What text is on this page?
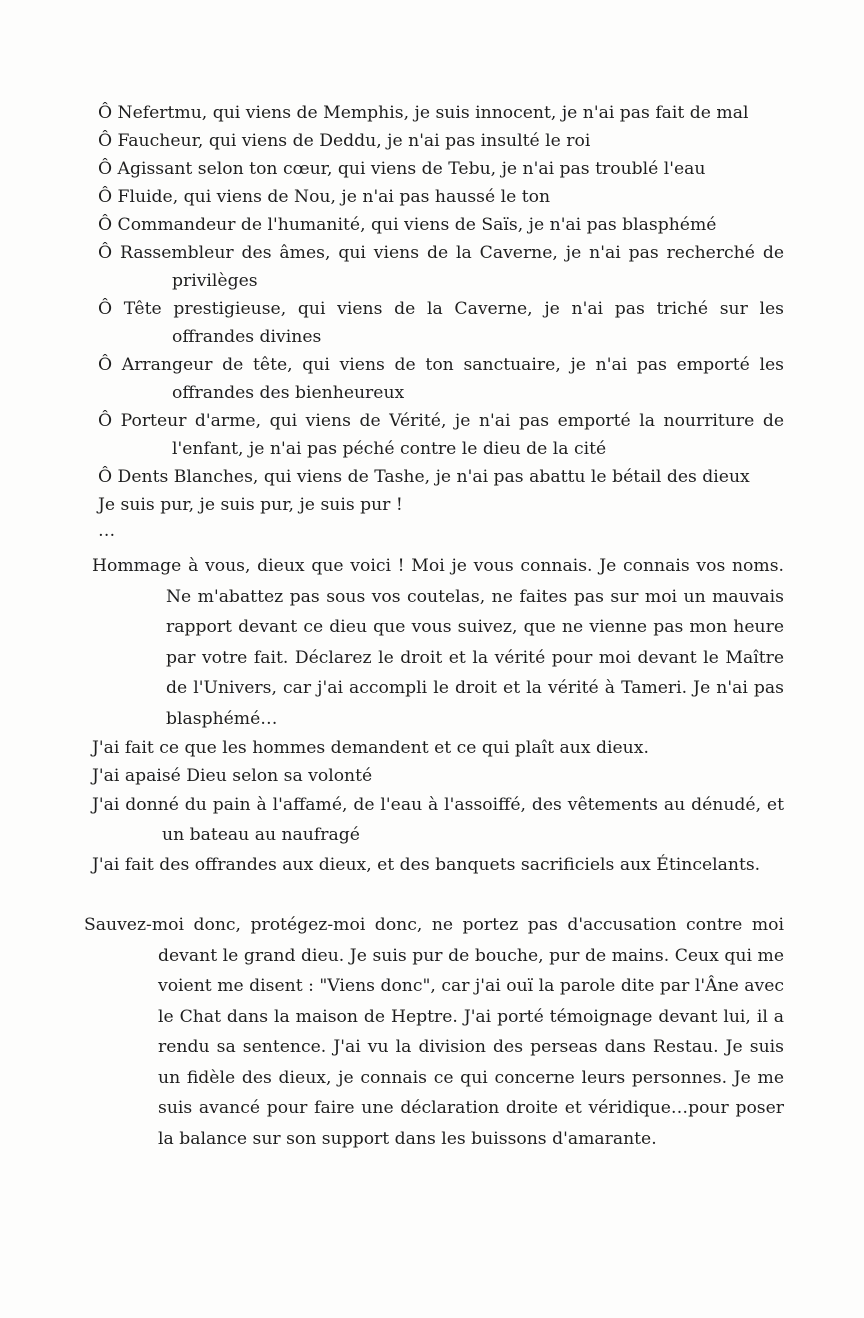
Ô Nefertmu, qui viens de Memphis, je suis innocent, je n'ai pas fait de mal

Ô Faucheur, qui viens de Deddu, je n'ai pas insulté le roi

Ô Agissant selon ton cœur, qui viens de Tebu, je n'ai pas troublé l'eau

Ô Fluide, qui viens de Nou, je n'ai pas haussé le ton

Ô Commandeur de l'humanité, qui viens de Saïs, je n'ai pas blasphémé

Ô Rassembleur des âmes, qui viens de la Caverne, je n'ai pas recherché de privilèges

Ô Tête prestigieuse, qui viens de la Caverne, je n'ai pas triché sur les offrandes divines

Ô Arrangeur de tête, qui viens de ton sanctuaire, je n'ai pas emporté les offrandes des bienheureux

Ô Porteur d'arme, qui viens de Vérité, je n'ai pas emporté la nourriture de l'enfant, je n'ai pas péché contre le dieu de la cité

Ô Dents Blanches, qui viens de Tashe, je n'ai pas abattu le bétail des dieux

Je suis pur, je suis pur, je suis pur !

…

Hommage à vous, dieux que voici ! Moi je vous connais. Je connais vos noms. Ne m'abattez pas sous vos coutelas, ne faites pas sur moi un mauvais rapport devant ce dieu que vous suivez, que ne vienne pas mon heure par votre fait. Déclarez le droit et la vérité pour moi devant le Maître de l'Univers, car j'ai accompli le droit et la vérité à Tameri. Je n'ai pas blasphémé…

J'ai fait ce que les hommes demandent et ce qui plaît aux dieux.

J'ai apaisé Dieu selon sa volonté

J'ai donné du pain à l'affamé, de l'eau à l'assoiffé, des vêtements au dénudé, et un bateau au naufragé

J'ai fait des offrandes aux dieux, et des banquets sacrificiels aux Étincelants.

Sauvez-moi donc, protégez-moi donc, ne portez pas d'accusation contre moi devant le grand dieu. Je suis pur de bouche, pur de mains. Ceux qui me voient me disent : "Viens donc", car j'ai ouï la parole dite par l'Âne avec le Chat dans la maison de Heptre. J'ai porté témoignage devant lui, il a rendu sa sentence. J'ai vu la division des perseas dans Restau. Je suis un fidèle des dieux, je connais ce qui concerne leurs personnes. Je me suis avancé pour faire une déclaration droite et véridique…pour poser la balance sur son support dans les buissons d'amarante.
